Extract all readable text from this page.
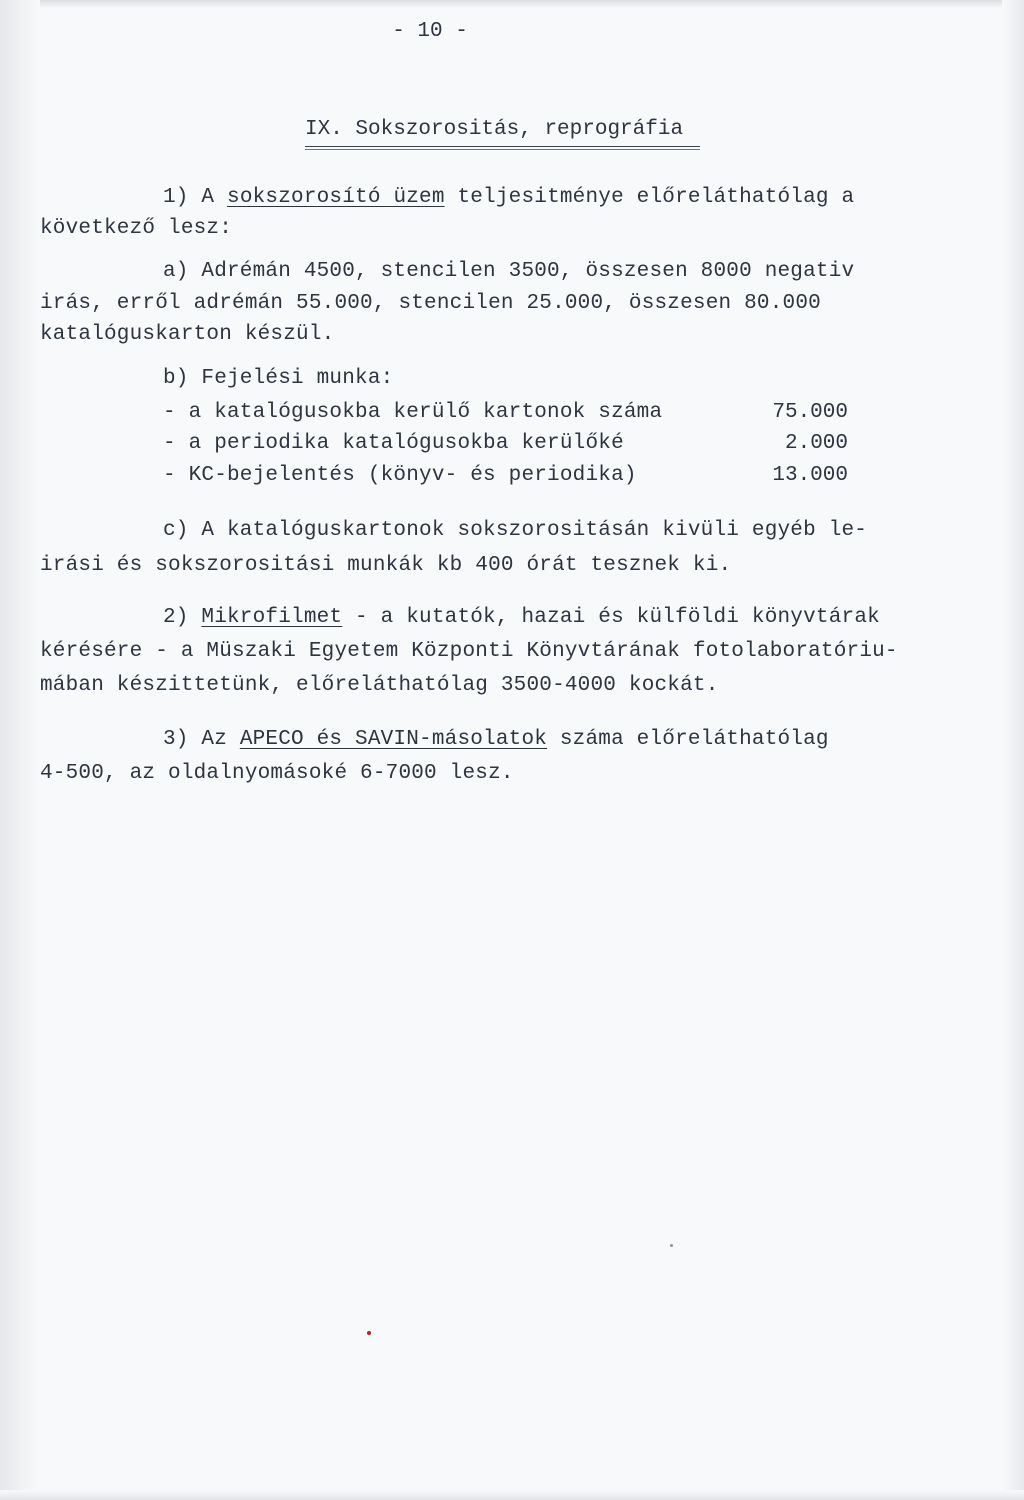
- 10 -
IX. Sokszorositás, reprográfia
1) A sokszorosító üzem teljesitménye előreláthatólag a
következő lesz:
a) Adrémán 4500, stencilen 3500, összesen 8000 negativ
irás, erről adrémán 55.000, stencilen 25.000, összesen 80.000
katalóguskarton készül.
b) Fejelési munka:
- a katalógusokba kerülő kartonok száma	75.000
- a periodika katalógusokba kerülőké	2.000
- KC-bejelentés (könyv- és periodika)	13.000
c) A katalóguskartonok sokszorositásán kivüli egyéb le-
irási és sokszorositási munkák kb 400 órát tesznek ki.
2) Mikrofilmet - a kutatók, hazai és külföldi könyvtárak
kérésére - a Müszaki Egyetem Központi Könyvtárának fotolaboratóriu-
mában készittetünk, előreláthatólag 3500-4000 kockát.
3) Az APECO és SAVIN-másolatok száma előreláthatólag
4-500, az oldalnyomásoké 6-7000 lesz.
